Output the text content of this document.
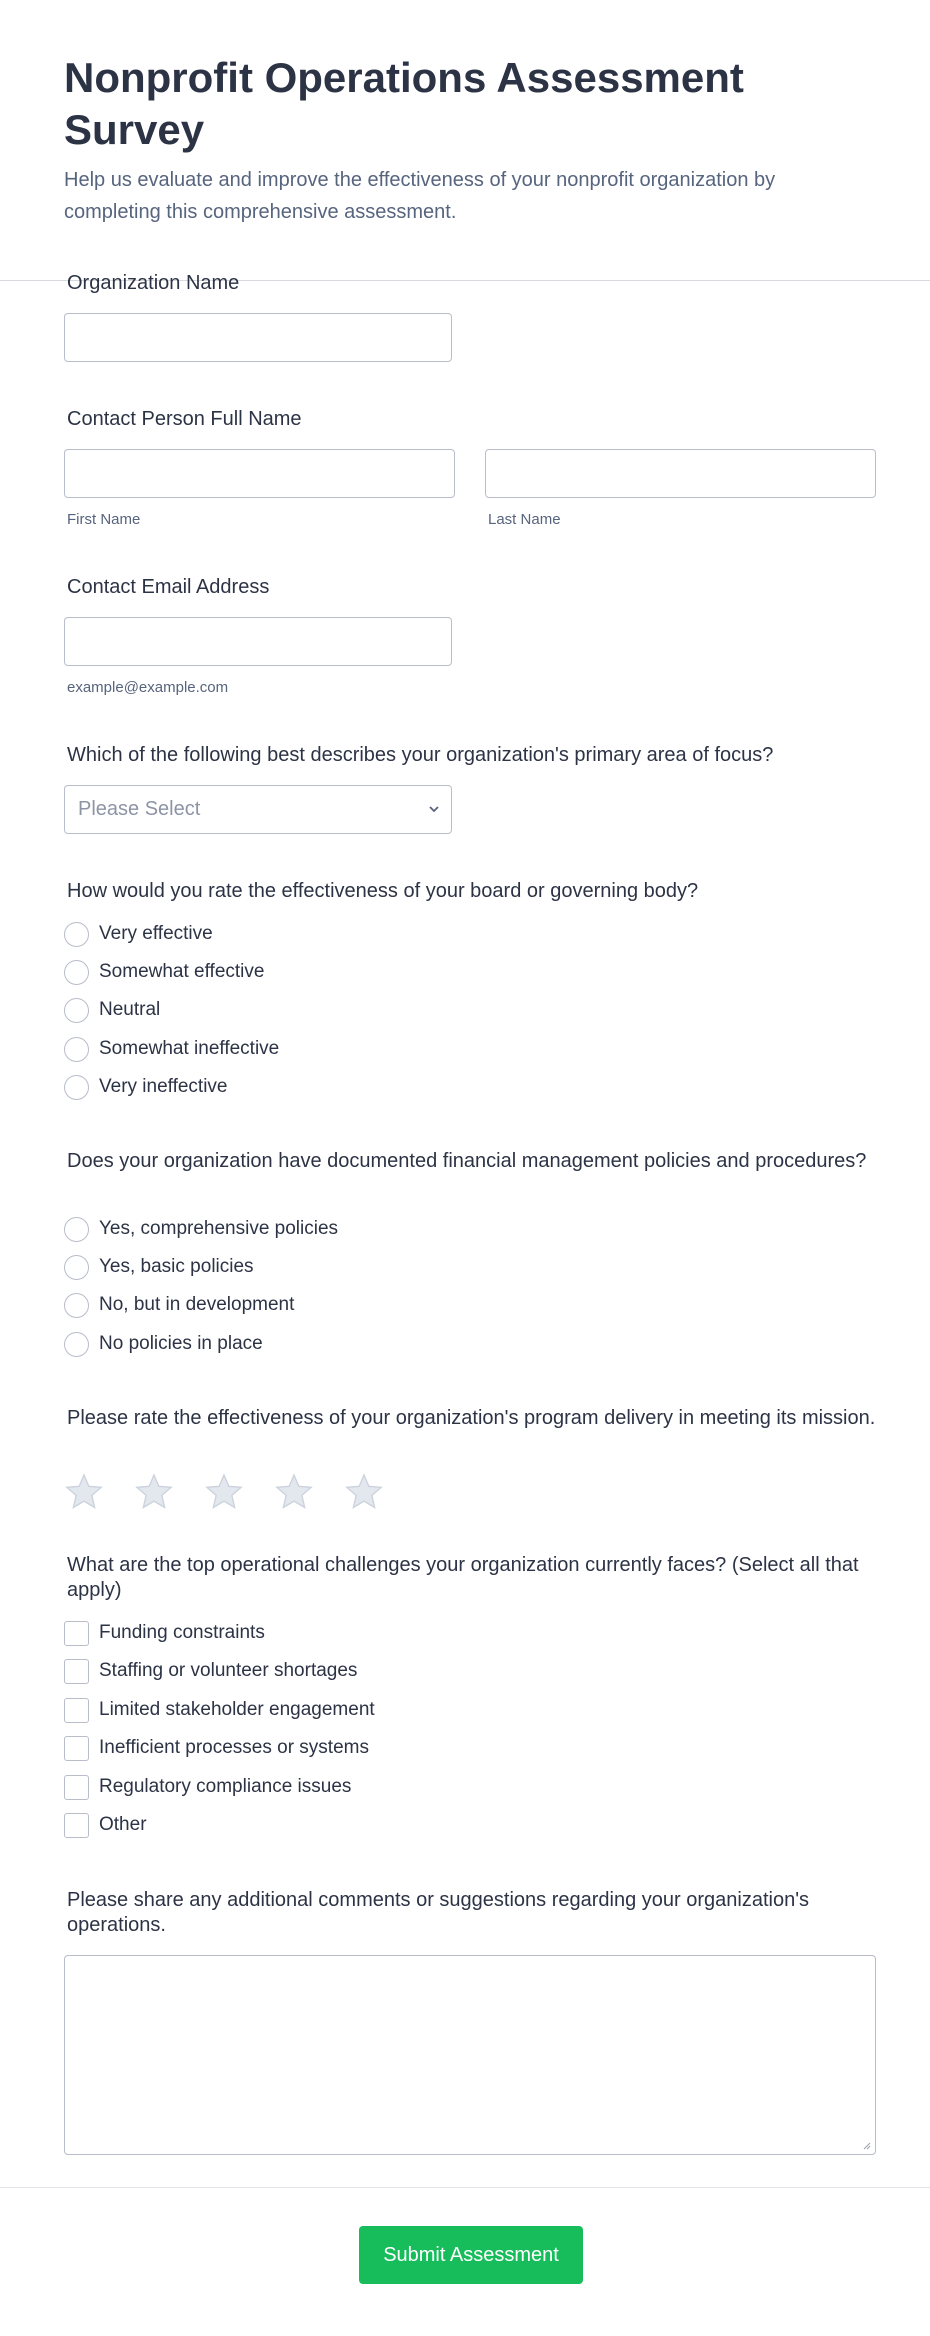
Nonprofit Operations Assessment Survey
Help us evaluate and improve the effectiveness of your nonprofit organization by completing this comprehensive assessment.
Organization Name
Contact Person Full Name
First Name	Last Name
Contact Email Address
example@example.com
Which of the following best describes your organization's primary area of focus?
Please Select
How would you rate the effectiveness of your board or governing body?
Very effective
Somewhat effective
Neutral
Somewhat ineffective
Very ineffective
Does your organization have documented financial management policies and procedures?
Yes, comprehensive policies
Yes, basic policies
No, but in development
No policies in place
Please rate the effectiveness of your organization's program delivery in meeting its mission.
What are the top operational challenges your organization currently faces? (Select all that apply)
Funding constraints
Staffing or volunteer shortages
Limited stakeholder engagement
Inefficient processes or systems
Regulatory compliance issues
Other
Please share any additional comments or suggestions regarding your organization's operations.
Submit Assessment
